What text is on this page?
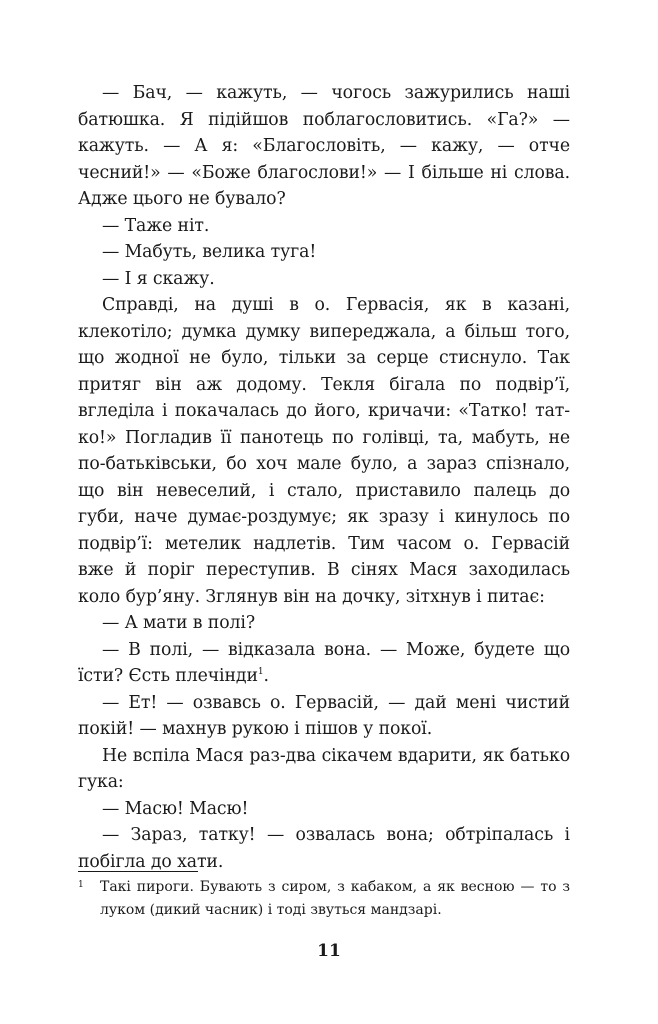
— Бач, — кажуть, — чогось зажурились наші батюшка. Я підійшов поблагословитись. «Га?» — кажуть. — А я: «Благословіть, — кажу, — отче чесний!» — «Боже благослови!» — І більше ні слова. Адже цього не бувало?

— Таже ніт.

— Мабуть, велика туга!

— І я скажу.

Справді, на душі в о. Гервасія, як в казані, клекотіло; думка думку випереджала, а більш того, що жодної не було, тільки за серце стиснуло. Так притяг він аж додому. Текля бігала по подвір’ї, вгледіла і покачалась до його, кричачи: «Татко! тат-ко!» Погладив її панотець по голівці, та, мабуть, не по-батьківськи, бо хоч мале було, а зараз спізнало, що він невеселий, і стало, приставило палець до губи, наче думає-роздумує; як зразу і кинулось по подвір’ї: метелик надлетів. Тим часом о. Гервасій вже й поріг переступив. В сінях Мася заходилась коло бур’яну. Зглянув він на дочку, зітхнув і питає:

— А мати в полі?

— В полі, — відказала вона. — Може, будете що їсти? Єсть плечінди$^1$.

— Ет! — озвавсь о. Гервасій, — дай мені чистий покій! — махнув рукою і пішов у покої.

Не вспіла Мася раз-два сікачем вдарити, як батько гука:

— Масю! Масю!

— Зараз, татку! — озвалась вона; обтріпалась і побігла до хати.

1 Такі пироги. Бувають з сиром, з кабаком, а як весною — то з луком (дикий часник) і тоді звуться мандзарі.
11
